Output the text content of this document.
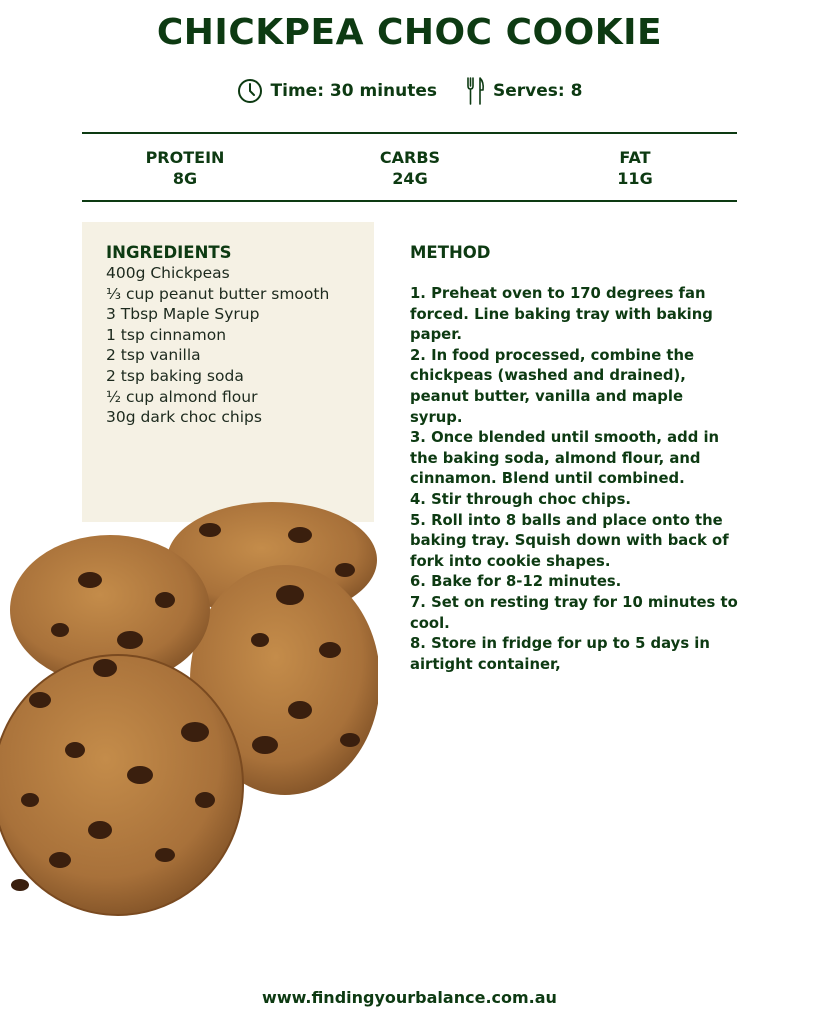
CHICKPEA CHOC COOKIE
Time: 30 minutes	Serves: 8
PROTEIN
8G
CARBS
24G
FAT
11G
INGREDIENTS
400g Chickpeas
⅓ cup peanut butter smooth
3 Tbsp Maple Syrup
1 tsp cinnamon
2 tsp vanilla
2 tsp baking soda
½ cup almond flour
30g dark choc chips
METHOD
1. Preheat oven to 170 degrees fan forced. Line baking tray with baking paper.
2. In food processed, combine the chickpeas (washed and drained), peanut butter, vanilla and maple syrup.
3. Once blended until smooth, add in the baking soda, almond flour, and cinnamon. Blend until combined.
4. Stir through choc chips.
5. Roll into 8 balls and place onto the baking tray. Squish down with back of fork into cookie shapes.
6. Bake for 8-12 minutes.
7. Set on resting tray for 10 minutes to cool.
8. Store in fridge for up to 5 days in airtight container,
www.findingyourbalance.com.au
